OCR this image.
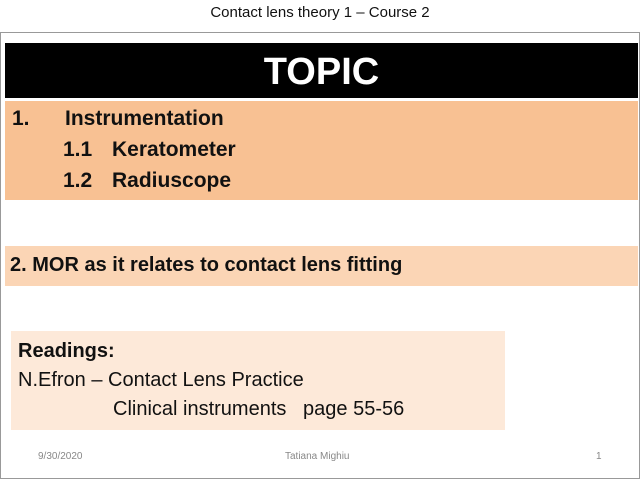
Contact lens theory 1 – Course 2
TOPIC
1. Instrumentation
1.1 Keratometer
1.2 Radiuscope
2. MOR as it relates to contact lens fitting
Readings:
N.Efron – Contact Lens Practice
Clinical instruments   page 55-56
9/30/2020	Tatiana Mighiu	1
